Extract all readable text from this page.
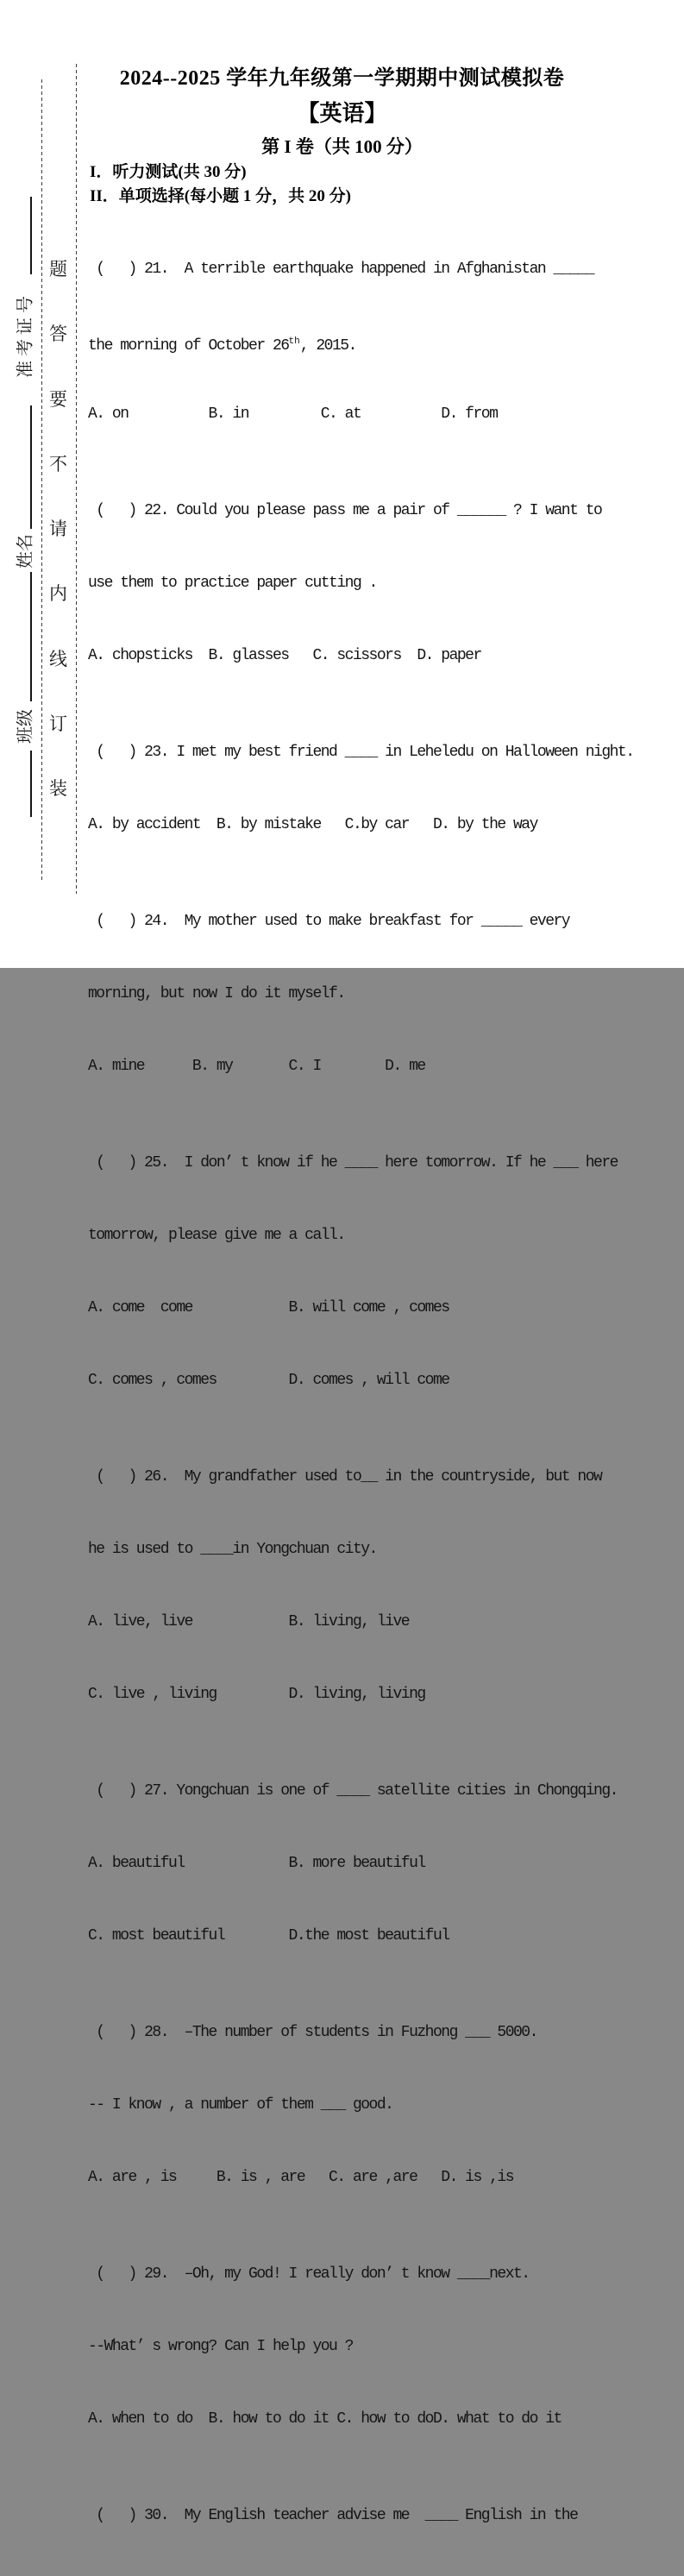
准考证号
姓名
班级
题
答
要
不
请
内
线
订
装
2024--2025 学年九年级第一学期期中测试模拟卷
【英语】
第 I 卷（共 100 分）
I．听力测试(共 30 分)
II．单项选择(每小题 1 分，共 20 分)

(   ) 21.  A terrible earthquake happened in Afghanistan _____

the morning of October 26th, 2015.

A. on          B. in         C. at          D. from

(   ) 22. Could you please pass me a pair of ______ ? I want to

use them to practice paper cutting .

A. chopsticks  B. glasses   C. scissors  D. paper

(   ) 23. I met my best friend ____ in Leheledu on Halloween night.

A. by accident  B. by mistake   C.by car   D. by the way

(   ) 24.  My mother used to make breakfast for _____ every

morning, but now I do it myself.

A. mine      B. my       C. I        D. me

(   ) 25.  I don’ t know if he ____ here tomorrow. If he ___ here

tomorrow, please give me a call.

A. come  come            B. will come , comes

C. comes , comes         D. comes , will come

(   ) 26.  My grandfather used to__ in the countryside, but now

he is used to ____in Yongchuan city.

A. live, live            B. living, live

C. live , living         D. living, living

(   ) 27. Yongchuan is one of ____ satellite cities in Chongqing.

A. beautiful             B. more beautiful

C. most beautiful        D.the most beautiful

(   ) 28.  –The number of students in Fuzhong ___ 5000.

-- I know , a number of them ___ good.

A. are , is     B. is , are   C. are ,are   D. is ,is

(   ) 29.  –Oh, my God! I really don’ t know ____next.

--What’ s wrong? Can I help you ?

A. when to do  B. how to do it C. how to doD. what to do it

(   ) 30.  My English teacher advise me  ____ English in the
